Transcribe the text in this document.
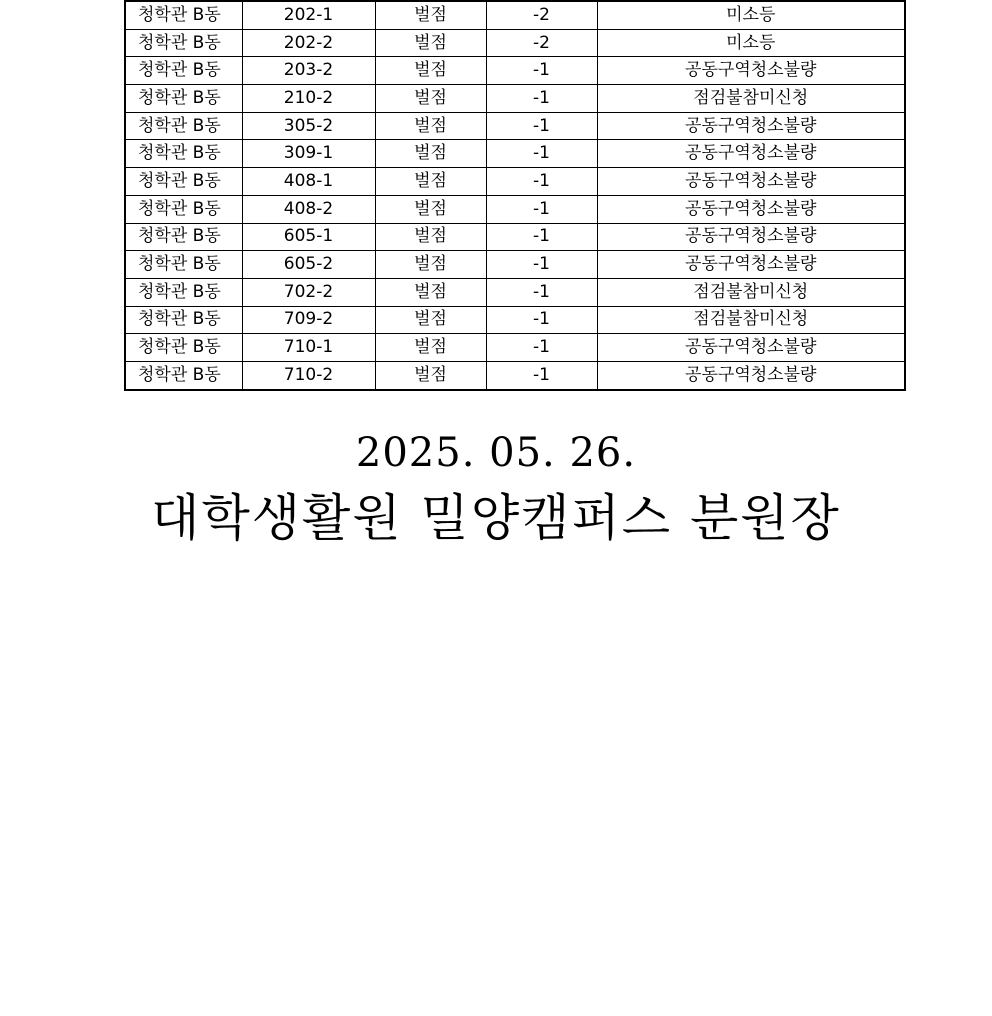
청학관 B동	202-1	벌점	-2	미소등
청학관 B동	202-2	벌점	-2	미소등
청학관 B동	203-2	벌점	-1	공동구역청소불량
청학관 B동	210-2	벌점	-1	점검불참미신청
청학관 B동	305-2	벌점	-1	공동구역청소불량
청학관 B동	309-1	벌점	-1	공동구역청소불량
청학관 B동	408-1	벌점	-1	공동구역청소불량
청학관 B동	408-2	벌점	-1	공동구역청소불량
청학관 B동	605-1	벌점	-1	공동구역청소불량
청학관 B동	605-2	벌점	-1	공동구역청소불량
청학관 B동	702-2	벌점	-1	점검불참미신청
청학관 B동	709-2	벌점	-1	점검불참미신청
청학관 B동	710-1	벌점	-1	공동구역청소불량
청학관 B동	710-2	벌점	-1	공동구역청소불량
2025. 05. 26.
대학생활원 밀양캠퍼스 분원장
